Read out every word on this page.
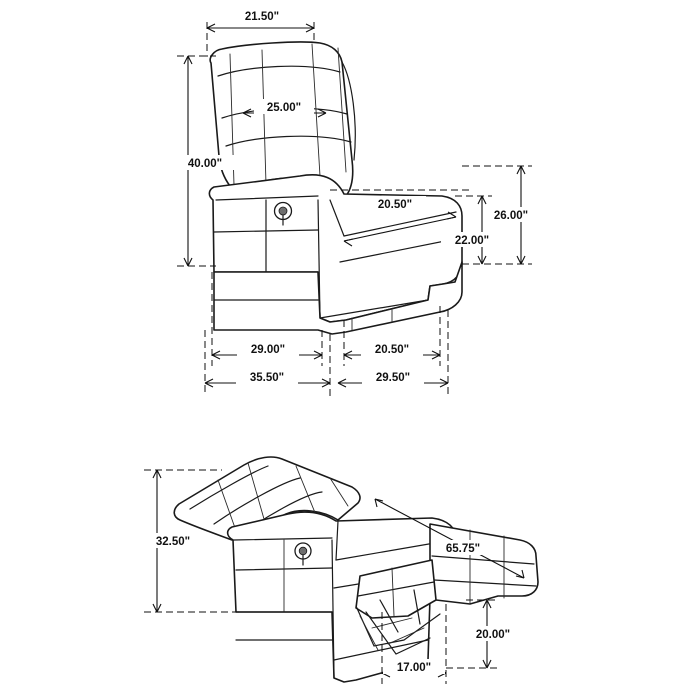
21.50"
25.00"
40.00"
20.50"
26.00"
22.00"
29.00"	20.50"
35.50"	29.50"
32.50"
65.75"
20.00"
17.00"
